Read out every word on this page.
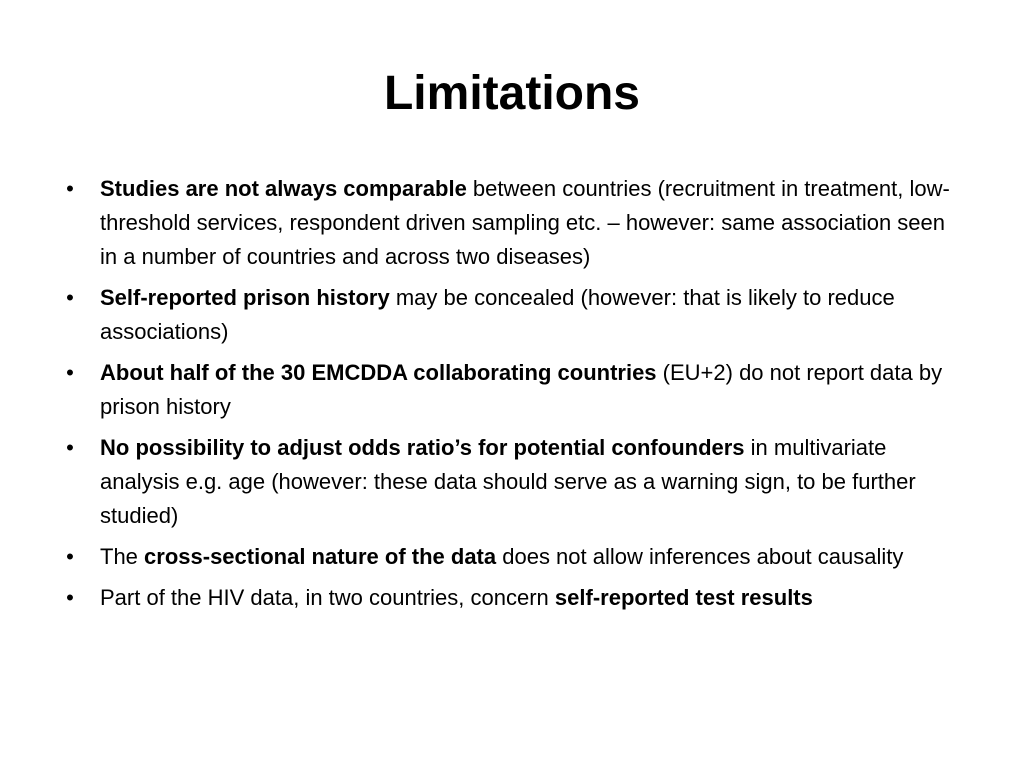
Limitations
• Studies are not always comparable between countries (recruitment in treatment, low-threshold services, respondent driven sampling etc. – however: same association seen in a number of countries and across two diseases)
• Self-reported prison history may be concealed (however: that is likely to reduce associations)
• About half of the 30 EMCDDA collaborating countries (EU+2) do not report data by prison history
• No possibility to adjust odds ratio’s for potential confounders in multivariate analysis e.g. age (however: these data should serve as a warning sign, to be further studied)
• The cross-sectional nature of the data does not allow inferences about causality
• Part of the HIV data, in two countries, concern self-reported test results
